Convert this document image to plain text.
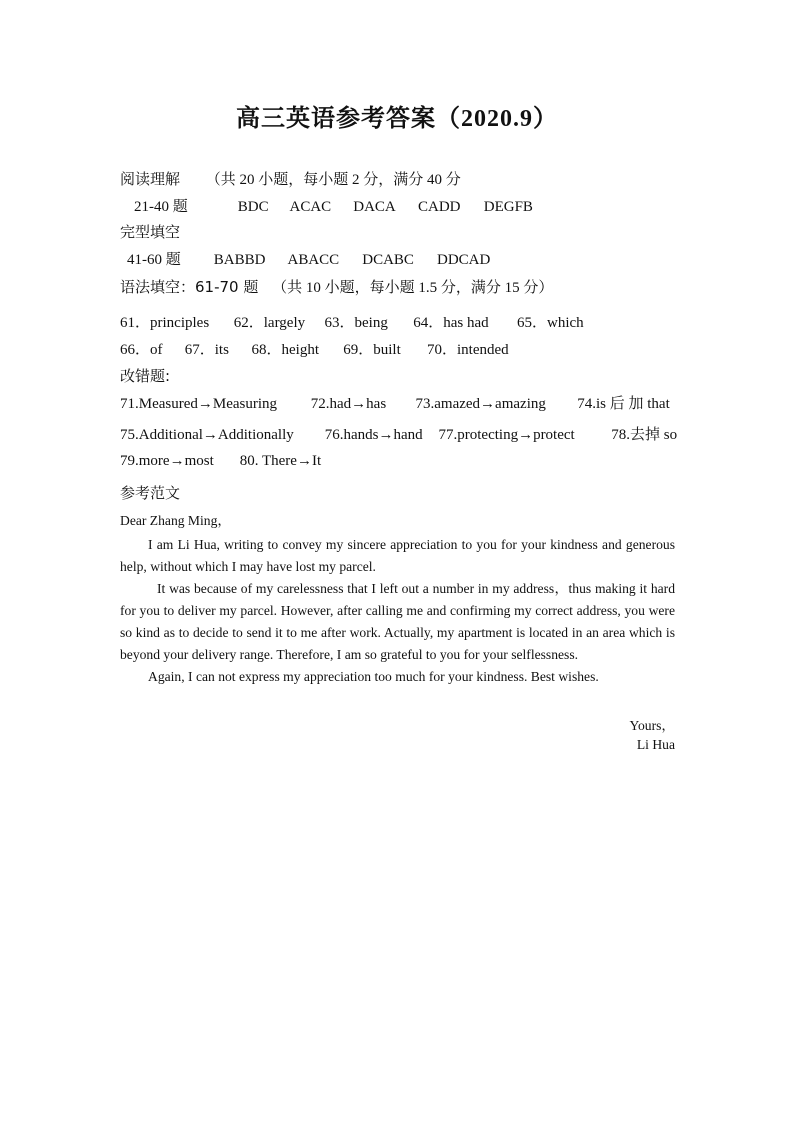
高三英语参考答案（2020.9）
阅读理解 （共 20 小题，每小题 2 分，满分 40 分
21-40 题	BDC ACAC DACA CADD DEGFB
完型填空
41-60 题 BABBD ABACC DCABC DDCAD
语法填空：61-70 题 （共 10 小题，每小题 1.5 分，满分 15 分）
61．principles 62．largely 63．being 64．has had 65．which
66．of 67．its 68．height 69．built 70．intended
改错题:
71.Measured→Measuring 72.had→has 73.amazed→amazing 74.is 后 加 that
75.Additional→Additionally 76.hands→hand 77.protecting→protect 78.去掉 so
79.more→most 80. There→It
参考范文

Dear Zhang Ming，

I am Li Hua, writing to convey my sincere appreciation to you for your kindness and generous help, without which I may have lost my parcel.

It was because of my carelessness that I left out a number in my address，thus making it hard for you to deliver my parcel. However, after calling me and confirming my correct address, you were so kind as to decide to send it to me after work. Actually, my apartment is located in an area which is beyond your delivery range. Therefore, I am so grateful to you for your selflessness.

Again, I can not express my appreciation too much for your kindness. Best wishes.

Yours，
Li Hua
